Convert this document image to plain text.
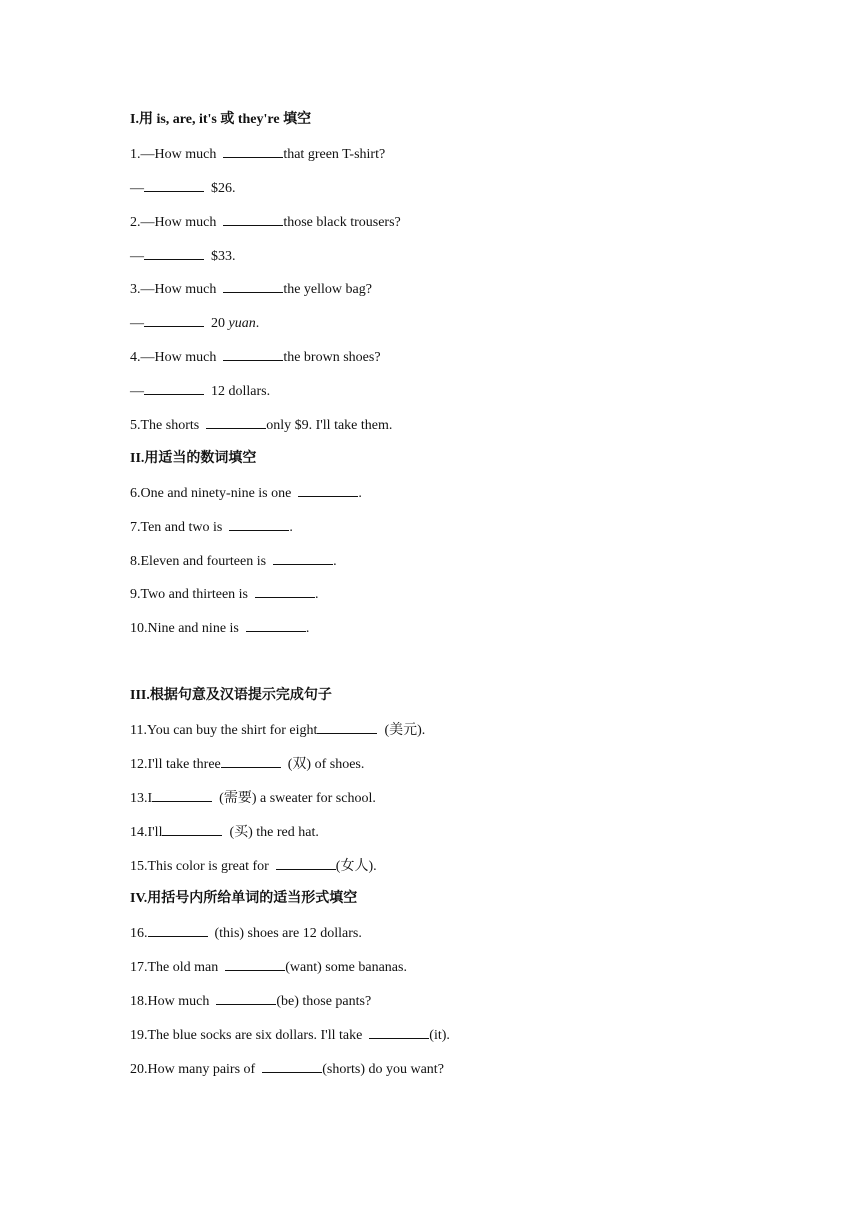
I.用 is, are, it's 或 they're 填空
1.—How much	that green T-shirt?
—	$26.
2.—How much	those black trousers?
—	$33.
3.—How much	the yellow bag?
—	20 yuan.
4.—How much	the brown shoes?
—	12 dollars.
5.The shorts	only $9. I'll take them.
II.用适当的数词填空
6.One and ninety-nine is one	.
7.Ten and two is	.
8.Eleven and fourteen is	.
9.Two and thirteen is	.
10.Nine and nine is	.
III.根据句意及汉语提示完成句子
11.You can buy the shirt for eight	(美元).
12.I'll take three	(双) of shoes.
13.I	(需要) a sweater for school.
14.I'll	(买) the red hat.
15.This color is great for	(女人).
IV.用括号内所给单词的适当形式填空
16.	(this) shoes are 12 dollars.
17.The old man	(want) some bananas.
18.How much	(be) those pants?
19.The blue socks are six dollars. I'll take	(it).
20.How many pairs of	(shorts) do you want?
